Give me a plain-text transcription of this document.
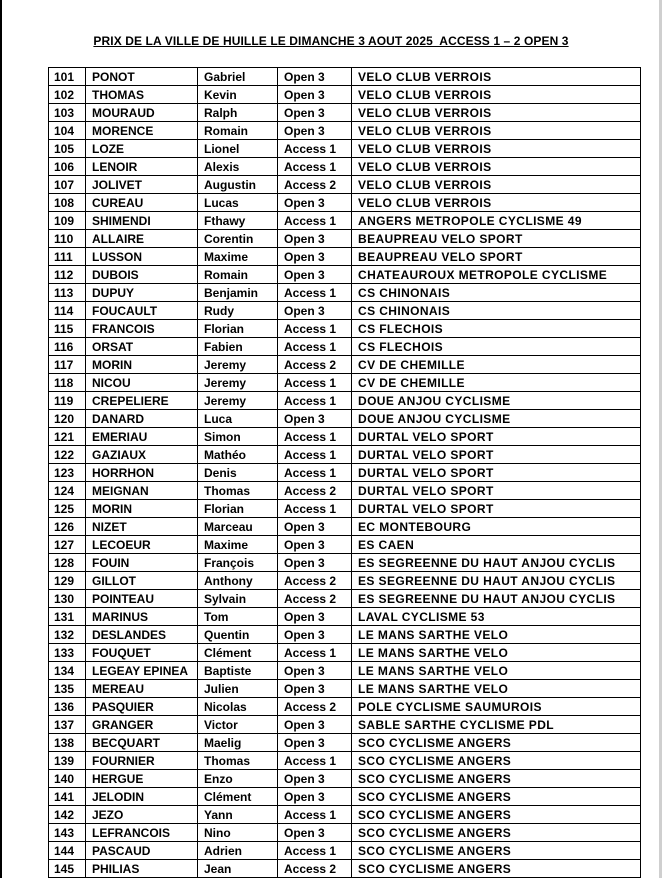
PRIX DE LA VILLE DE HUILLE LE DIMANCHE 3 AOUT 2025  ACCESS 1 – 2 OPEN 3
101	PONOT	Gabriel	Open 3	VELO CLUB VERROIS
102	THOMAS	Kevin	Open 3	VELO CLUB VERROIS
103	MOURAUD	Ralph	Open 3	VELO CLUB VERROIS
104	MORENCE	Romain	Open 3	VELO CLUB VERROIS
105	LOZE	Lionel	Access 1	VELO CLUB VERROIS
106	LENOIR	Alexis	Access 1	VELO CLUB VERROIS
107	JOLIVET	Augustin	Access 2	VELO CLUB VERROIS
108	CUREAU	Lucas	Open 3	VELO CLUB VERROIS
109	SHIMENDI	Fthawy	Access 1	ANGERS METROPOLE CYCLISME 49
110	ALLAIRE	Corentin	Open 3	BEAUPREAU VELO SPORT
111	LUSSON	Maxime	Open 3	BEAUPREAU VELO SPORT
112	DUBOIS	Romain	Open 3	CHATEAUROUX METROPOLE CYCLISME
113	DUPUY	Benjamin	Access 1	CS CHINONAIS
114	FOUCAULT	Rudy	Open 3	CS CHINONAIS
115	FRANCOIS	Florian	Access 1	CS FLECHOIS
116	ORSAT	Fabien	Access 1	CS FLECHOIS
117	MORIN	Jeremy	Access 2	CV DE CHEMILLE
118	NICOU	Jeremy	Access 1	CV DE CHEMILLE
119	CREPELIERE	Jeremy	Access 1	DOUE ANJOU CYCLISME
120	DANARD	Luca	Open 3	DOUE ANJOU CYCLISME
121	EMERIAU	Simon	Access 1	DURTAL VELO SPORT
122	GAZIAUX	Mathéo	Access 1	DURTAL VELO SPORT
123	HORRHON	Denis	Access 1	DURTAL VELO SPORT
124	MEIGNAN	Thomas	Access 2	DURTAL VELO SPORT
125	MORIN	Florian	Access 1	DURTAL VELO SPORT
126	NIZET	Marceau	Open 3	EC MONTEBOURG
127	LECOEUR	Maxime	Open 3	ES CAEN
128	FOUIN	François	Open 3	ES SEGREENNE DU HAUT ANJOU CYCLIS
129	GILLOT	Anthony	Access 2	ES SEGREENNE DU HAUT ANJOU CYCLIS
130	POINTEAU	Sylvain	Access 2	ES SEGREENNE DU HAUT ANJOU CYCLIS
131	MARINUS	Tom	Open 3	LAVAL CYCLISME 53
132	DESLANDES	Quentin	Open 3	LE MANS SARTHE VELO
133	FOUQUET	Clément	Access 1	LE MANS SARTHE VELO
134	LEGEAY EPINEA	Baptiste	Open 3	LE MANS SARTHE VELO
135	MEREAU	Julien	Open 3	LE MANS SARTHE VELO
136	PASQUIER	Nicolas	Access 2	POLE CYCLISME SAUMUROIS
137	GRANGER	Victor	Open 3	SABLE SARTHE CYCLISME PDL
138	BECQUART	Maelig	Open 3	SCO CYCLISME ANGERS
139	FOURNIER	Thomas	Access 1	SCO CYCLISME ANGERS
140	HERGUE	Enzo	Open 3	SCO CYCLISME ANGERS
141	JELODIN	Clément	Open 3	SCO CYCLISME ANGERS
142	JEZO	Yann	Access 1	SCO CYCLISME ANGERS
143	LEFRANCOIS	Nino	Open 3	SCO CYCLISME ANGERS
144	PASCAUD	Adrien	Access 1	SCO CYCLISME ANGERS
145	PHILIAS	Jean	Access 2	SCO CYCLISME ANGERS
